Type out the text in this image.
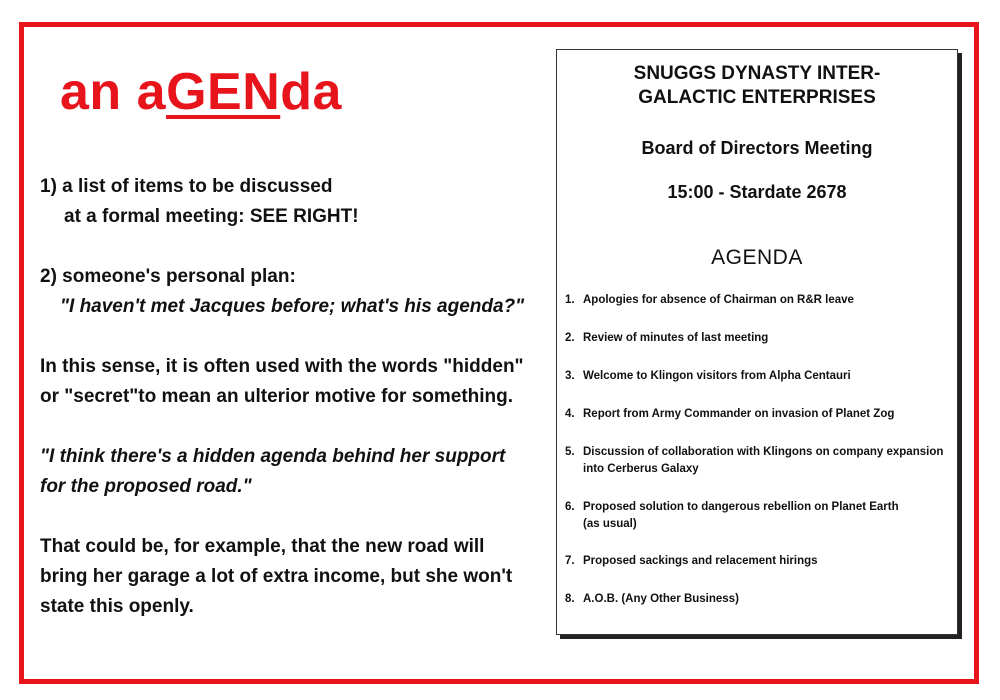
an aGENda

1) a list of items to be discussed
at a formal meeting: SEE RIGHT!

2) someone's personal plan:
"I haven't met Jacques before; what's his agenda?"

In this sense, it is often used with the words "hidden"
or "secret"to mean an ulterior motive for something.

"I think there's a hidden agenda behind her support
for the proposed road."

That could be, for example, that the new road will
bring her garage a lot of extra income, but she won't
state this openly.

SNUGGS DYNASTY INTER-
GALACTIC ENTERPRISES

Board of Directors Meeting

15:00 - Stardate 2678

AGENDA

1. Apologies for absence of Chairman on R&R leave
2. Review of minutes of last meeting
3. Welcome to Klingon visitors from Alpha Centauri
4. Report from Army Commander on invasion of Planet Zog
5. Discussion of collaboration with Klingons on company expansion
into Cerberus Galaxy
6. Proposed solution to dangerous rebellion on Planet Earth
(as usual)
7. Proposed sackings and relacement hirings
8. A.O.B. (Any Other Business)
